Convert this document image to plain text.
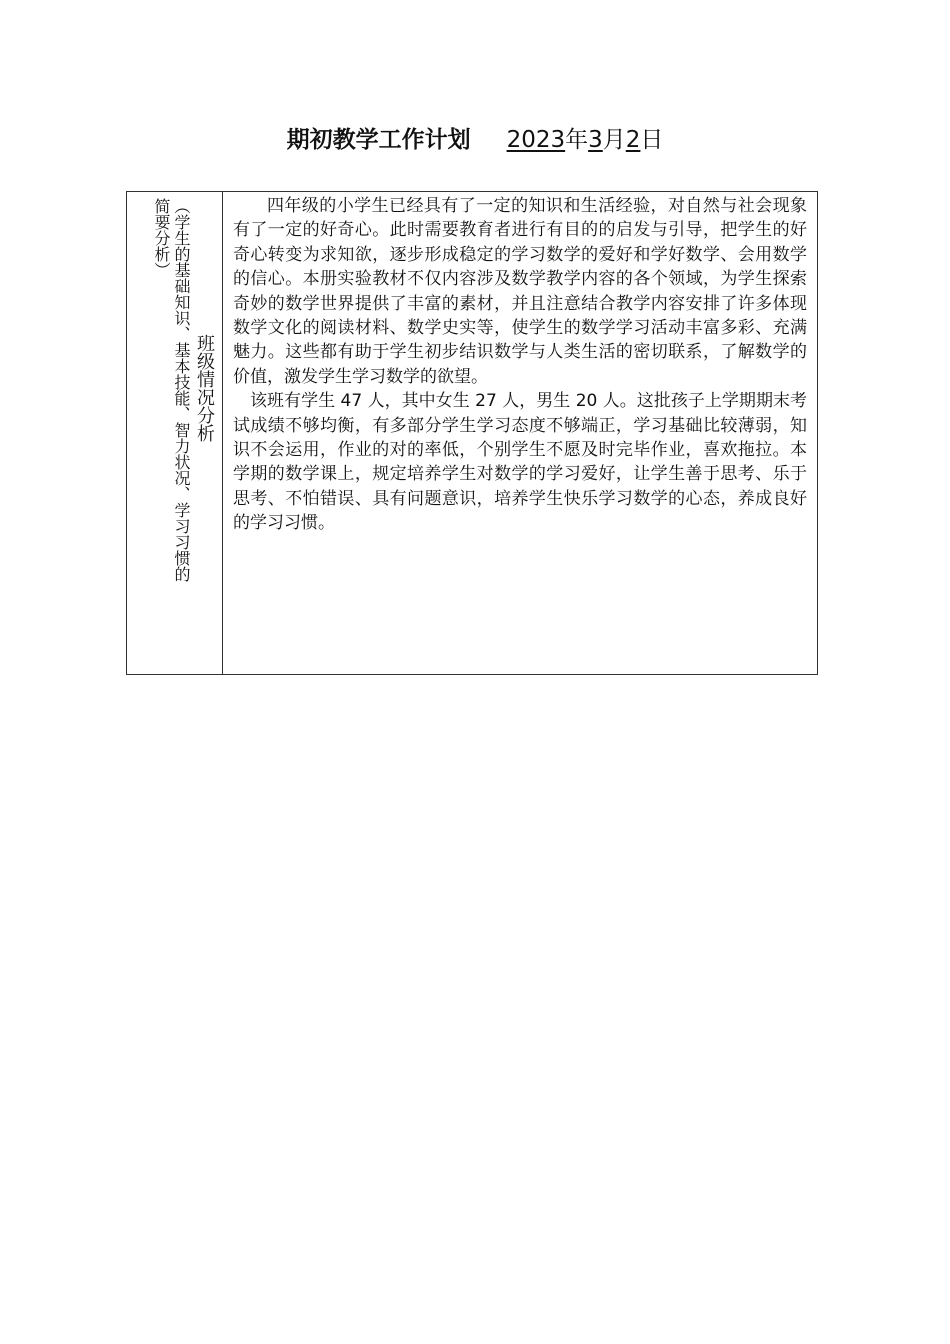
期初教学工作计划 2023年3月2日
班级情况分析
（学生的基础知识、基本技能、智力状况、学习习惯的
简要分析）	四年级的小学生已经具有了一定的知识和生活经验，对自然与社会现象有了一定的好奇心。此时需要教育者进行有目的的启发与引导，把学生的好奇心转变为求知欲，逐步形成稳定的学习数学的爱好和学好数学、会用数学的信心。本册实验教材不仅内容涉及数学教学内容的各个领域，为学生探索奇妙的数学世界提供了丰富的素材，并且注意结合教学内容安排了许多体现数学文化的阅读材料、数学史实等，使学生的数学学习活动丰富多彩、充满魅力。这些都有助于学生初步结识数学与人类生活的密切联系，了解数学的价值，激发学生学习数学的欲望。

该班有学生 47 人，其中女生 27 人，男生 20 人。这批孩子上学期期末考试成绩不够均衡，有多部分学生学习态度不够端正，学习基础比较薄弱，知识不会运用，作业的对的率低，个别学生不愿及时完毕作业，喜欢拖拉。本学期的数学课上，规定培养学生对数学的学习爱好，让学生善于思考、乐于思考、不怕错误、具有问题意识，培养学生快乐学习数学的心态，养成良好的学习习惯。
